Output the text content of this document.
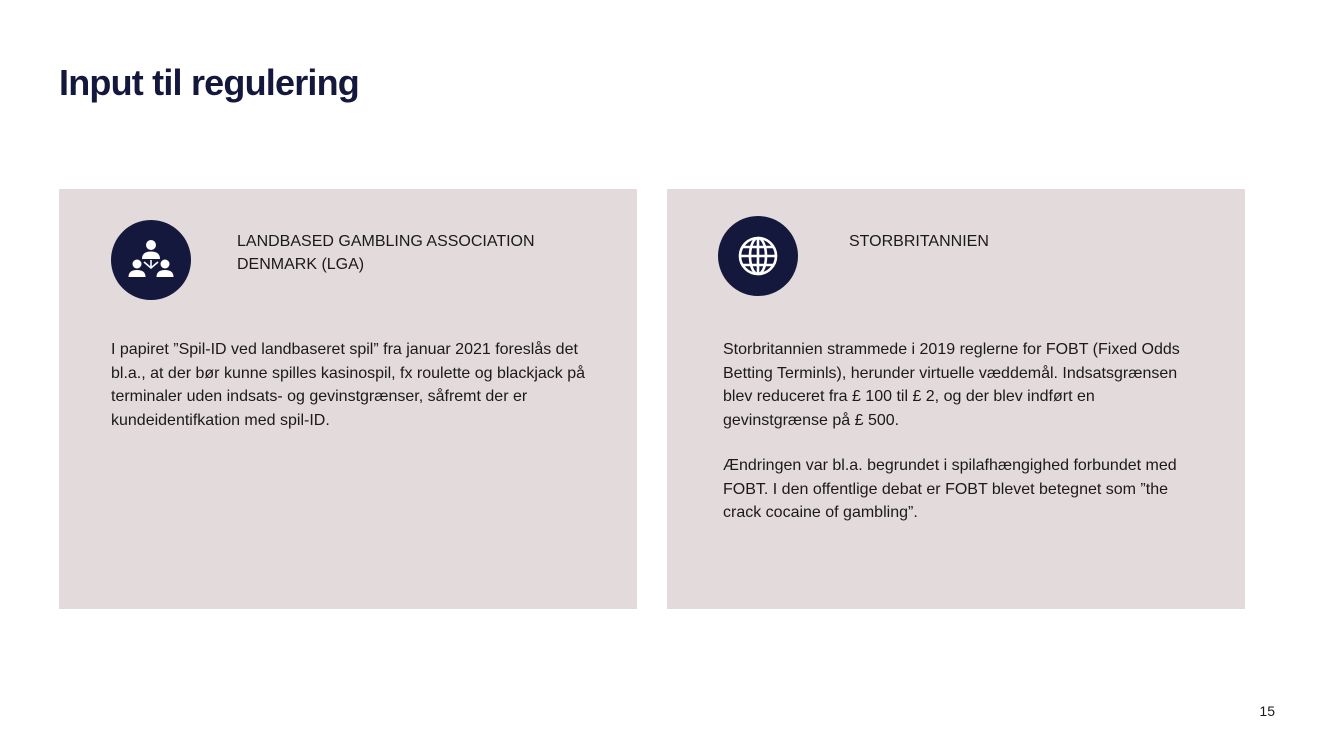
Input til regulering
LANDBASED GAMBLING ASSOCIATION
DENMARK (LGA)

I papiret ”Spil-ID ved landbaseret spil” fra januar 2021 foreslås det bl.a., at der bør kunne spilles kasinospil, fx roulette og blackjack på terminaler uden indsats- og gevinstgrænser, såfremt der er kundeidentifkation med spil-ID.

STORBRITANNIEN

Storbritannien strammede i 2019 reglerne for FOBT (Fixed Odds Betting Terminls), herunder virtuelle væddemål. Indsatsgrænsen blev reduceret fra £ 100 til £ 2, og der blev indført en gevinstgrænse på £ 500.

Ændringen var bl.a. begrundet i spilafhængighed forbundet med FOBT. I den offentlige debat er FOBT blevet betegnet som ”the crack cocaine of gambling”.

15
